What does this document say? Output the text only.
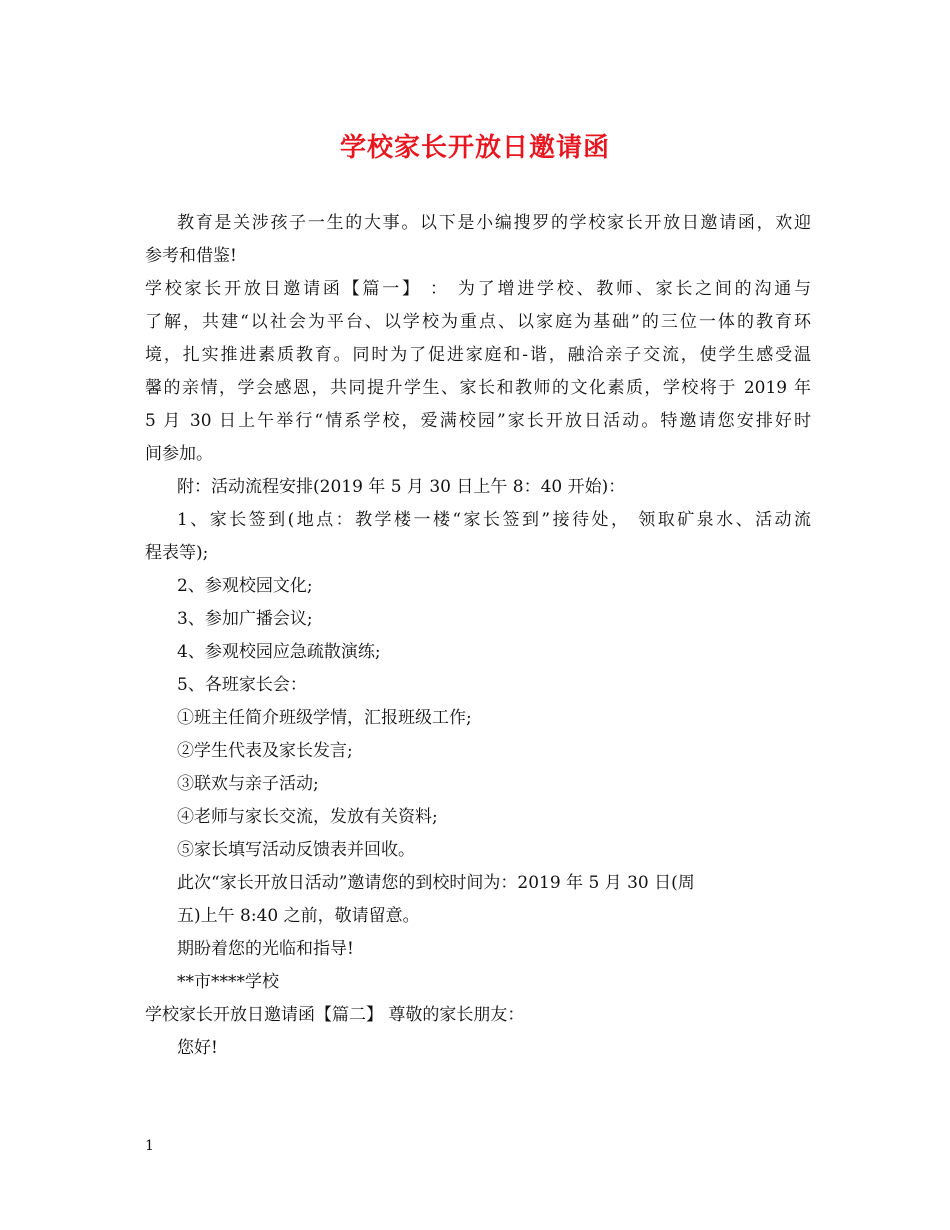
学校家长开放日邀请函
教育是关涉孩子一生的大事。以下是小编搜罗的学校家长开放日邀请函，欢迎
参考和借鉴!
学校家长开放日邀请函【篇一】 ： 为了增进学校、教师、家长之间的沟通与
了解，共建“以社会为平台、以学校为重点、以家庭为基础”的三位一体的教育环
境，扎实推进素质教育。同时为了促进家庭和-谐，融洽亲子交流，使学生感受温
馨的亲情，学会感恩，共同提升学生、家长和教师的文化素质，学校将于 2019 年
5 月 30 日上午举行“情系学校，爱满校园”家长开放日活动。特邀请您安排好时
间参加。
附：活动流程安排(2019 年 5 月 30 日上午 8：40 开始)：
1、家长签到(地点：教学楼一楼“家长签到”接待处， 领取矿泉水、活动流
程表等);
2、参观校园文化;
3、参加广播会议;
4、参观校园应急疏散演练;
5、各班家长会：
①班主任简介班级学情，汇报班级工作;
②学生代表及家长发言;
③联欢与亲子活动;
④老师与家长交流，发放有关资料;
⑤家长填写活动反馈表并回收。
此次“家长开放日活动”邀请您的到校时间为：2019 年 5 月 30 日(周
五)上午 8:40 之前，敬请留意。
期盼着您的光临和指导!
**市****学校
学校家长开放日邀请函【篇二】 尊敬的家长朋友：
您好!
1
